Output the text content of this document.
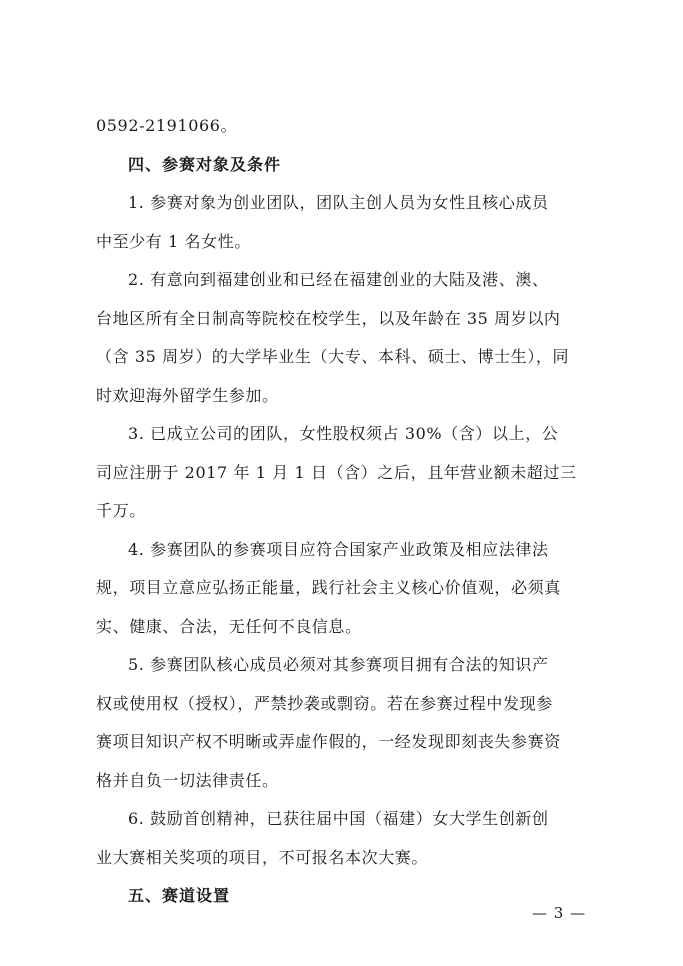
0592-2191066。
四、参赛对象及条件
1. 参赛对象为创业团队，团队主创人员为女性且核心成员
中至少有 1 名女性。
2. 有意向到福建创业和已经在福建创业的大陆及港、澳、
台地区所有全日制高等院校在校学生，以及年龄在 35 周岁以内
（含 35 周岁）的大学毕业生（大专、本科、硕士、博士生），同
时欢迎海外留学生参加。
3. 已成立公司的团队，女性股权须占 30%（含）以上，公
司应注册于 2017 年 1 月 1 日（含）之后，且年营业额未超过三
千万。
4. 参赛团队的参赛项目应符合国家产业政策及相应法律法
规，项目立意应弘扬正能量，践行社会主义核心价值观，必须真
实、健康、合法，无任何不良信息。
5. 参赛团队核心成员必须对其参赛项目拥有合法的知识产
权或使用权（授权），严禁抄袭或剽窃。若在参赛过程中发现参
赛项目知识产权不明晰或弄虚作假的，一经发现即刻丧失参赛资
格并自负一切法律责任。
6. 鼓励首创精神，已获往届中国（福建）女大学生创新创
业大赛相关奖项的项目，不可报名本次大赛。
五、赛道设置
— 3 —
